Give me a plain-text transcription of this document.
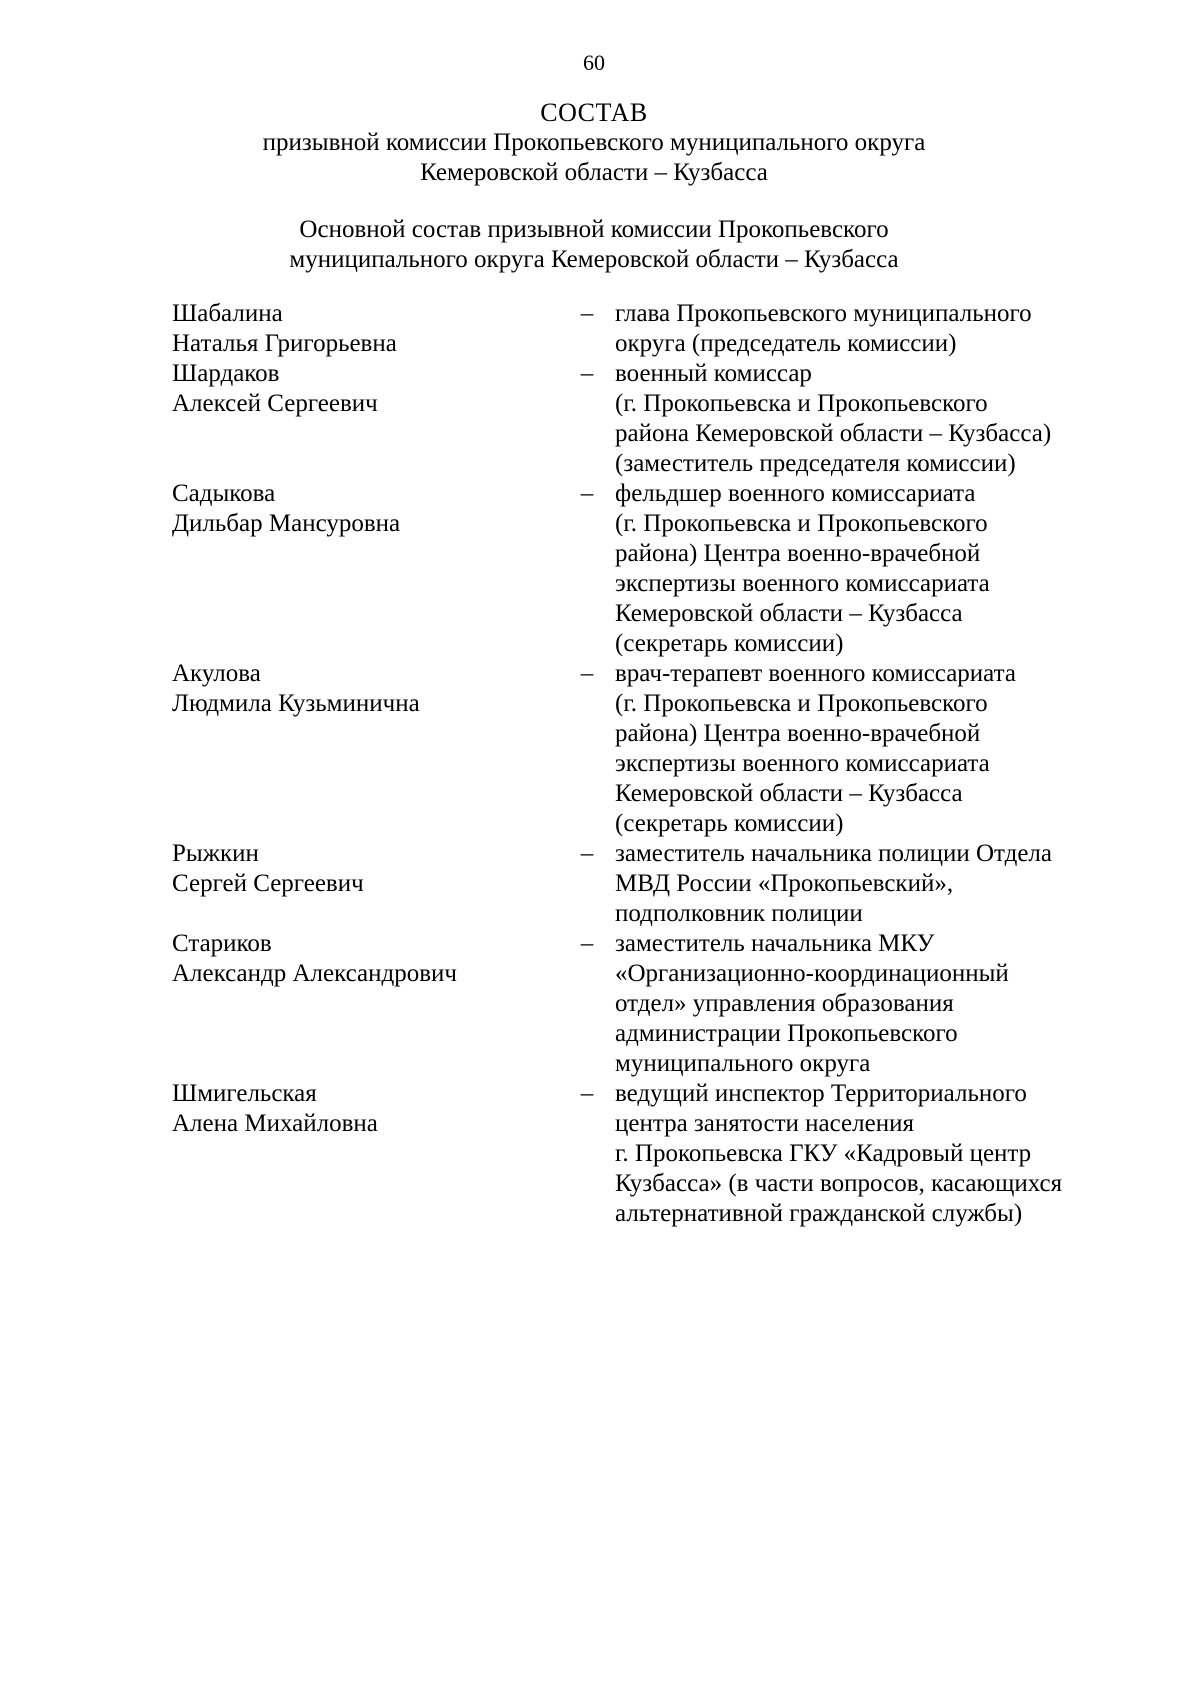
60
СОСТАВ
призывной комиссии Прокопьевского муниципального округа
Кемеровской области – Кузбасса
Основной состав призывной комиссии Прокопьевского
муниципального округа Кемеровской области – Кузбасса
Шабалина
Наталья Григорьевна
– глава Прокопьевского муниципального
округа (председатель комиссии)
Шардаков
Алексей Сергеевич
– военный комиссар
(г. Прокопьевска и Прокопьевского
района Кемеровской области – Кузбасса)
(заместитель председателя комиссии)
Садыкова
Дильбар Мансуровна
– фельдшер военного комиссариата
(г. Прокопьевска и Прокопьевского
района) Центра военно-врачебной
экспертизы военного комиссариата
Кемеровской области – Кузбасса
(секретарь комиссии)
Акулова
Людмила Кузьминична
– врач-терапевт военного комиссариата
(г. Прокопьевска и Прокопьевского
района) Центра военно-врачебной
экспертизы военного комиссариата
Кемеровской области – Кузбасса
(секретарь комиссии)
Рыжкин
Сергей Сергеевич
– заместитель начальника полиции Отдела
МВД России «Прокопьевский»,
подполковник полиции
Стариков
Александр Александрович
– заместитель начальника МКУ
«Организационно-координационный
отдел» управления образования
администрации Прокопьевского
муниципального округа
Шмигельская
Алена Михайловна
– ведущий инспектор Территориального
центра занятости населения
г. Прокопьевска ГКУ «Кадровый центр
Кузбасса» (в части вопросов, касающихся
альтернативной гражданской службы)
